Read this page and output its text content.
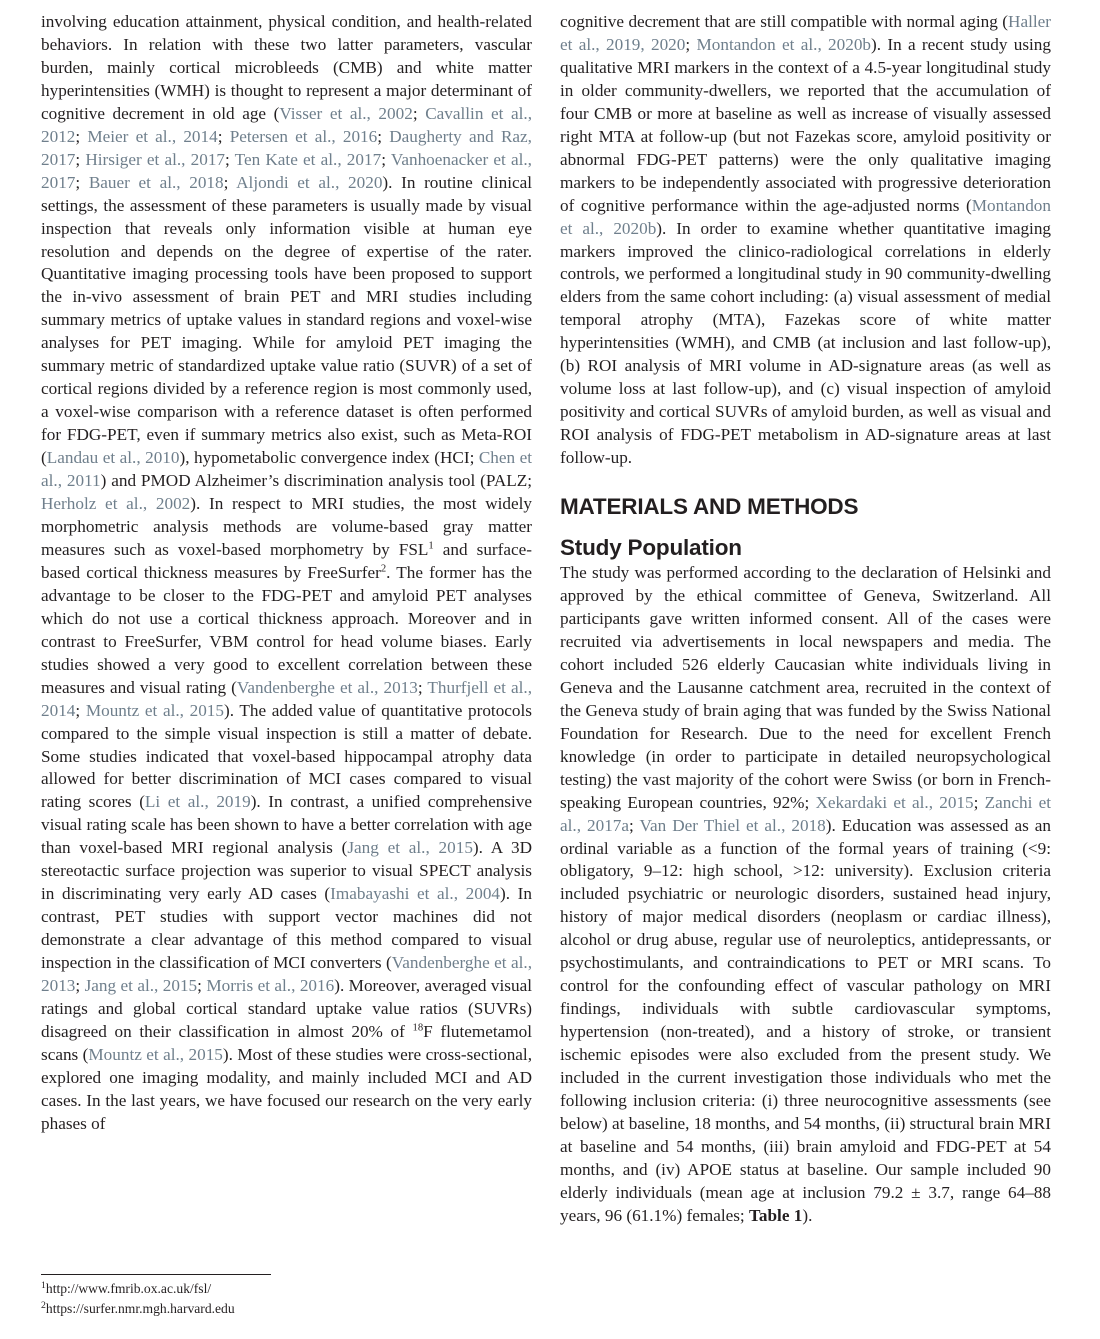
involving education attainment, physical condition, and health-related behaviors. In relation with these two latter parameters, vascular burden, mainly cortical microbleeds (CMB) and white matter hyperintensities (WMH) is thought to represent a major determinant of cognitive decrement in old age (Visser et al., 2002; Cavallin et al., 2012; Meier et al., 2014; Petersen et al., 2016; Daugherty and Raz, 2017; Hirsiger et al., 2017; Ten Kate et al., 2017; Vanhoenacker et al., 2017; Bauer et al., 2018; Aljondi et al., 2020). In routine clinical settings, the assessment of these parameters is usually made by visual inspection that reveals only information visible at human eye resolution and depends on the degree of expertise of the rater. Quantitative imaging processing tools have been proposed to support the in-vivo assessment of brain PET and MRI studies including summary metrics of uptake values in standard regions and voxel-wise analyses for PET imaging. While for amyloid PET imaging the summary metric of standardized uptake value ratio (SUVR) of a set of cortical regions divided by a reference region is most commonly used, a voxel-wise comparison with a reference dataset is often performed for FDG-PET, even if summary metrics also exist, such as Meta-ROI (Landau et al., 2010), hypometabolic convergence index (HCI; Chen et al., 2011) and PMOD Alzheimer’s discrimination analysis tool (PALZ; Herholz et al., 2002). In respect to MRI studies, the most widely morphometric analysis methods are volume-based gray matter measures such as voxel-based morphometry by FSL$^1$ and surface-based cortical thickness measures by FreeSurfer$^2$. The former has the advantage to be closer to the FDG-PET and amyloid PET analyses which do not use a cortical thickness approach. Moreover and in contrast to FreeSurfer, VBM control for head volume biases. Early studies showed a very good to excellent correlation between these measures and visual rating (Vandenberghe et al., 2013; Thurfjell et al., 2014; Mountz et al., 2015). The added value of quantitative protocols compared to the simple visual inspection is still a matter of debate. Some studies indicated that voxel-based hippocampal atrophy data allowed for better discrimination of MCI cases compared to visual rating scores (Li et al., 2019). In contrast, a unified comprehensive visual rating scale has been shown to have a better correlation with age than voxel-based MRI regional analysis (Jang et al., 2015). A 3D stereotactic surface projection was superior to visual SPECT analysis in discriminating very early AD cases (Imabayashi et al., 2004). In contrast, PET studies with support vector machines did not demonstrate a clear advantage of this method compared to visual inspection in the classification of MCI converters (Vandenberghe et al., 2013; Jang et al., 2015; Morris et al., 2016). Moreover, averaged visual ratings and global cortical standard uptake value ratios (SUVRs) disagreed on their classification in almost 20% of $^{18}$F flutemetamol scans (Mountz et al., 2015). Most of these studies were cross-sectional, explored one imaging modality, and mainly included MCI and AD cases. In the last years, we have focused our research on the very early phases of

cognitive decrement that are still compatible with normal aging (Haller et al., 2019, 2020; Montandon et al., 2020b). In a recent study using qualitative MRI markers in the context of a 4.5-year longitudinal study in older community-dwellers, we reported that the accumulation of four CMB or more at baseline as well as increase of visually assessed right MTA at follow-up (but not Fazekas score, amyloid positivity or abnormal FDG-PET patterns) were the only qualitative imaging markers to be independently associated with progressive deterioration of cognitive performance within the age-adjusted norms (Montandon et al., 2020b). In order to examine whether quantitative imaging markers improved the clinico-radiological correlations in elderly controls, we performed a longitudinal study in 90 community-dwelling elders from the same cohort including: (a) visual assessment of medial temporal atrophy (MTA), Fazekas score of white matter hyperintensities (WMH), and CMB (at inclusion and last follow-up), (b) ROI analysis of MRI volume in AD-signature areas (as well as volume loss at last follow-up), and (c) visual inspection of amyloid positivity and cortical SUVRs of amyloid burden, as well as visual and ROI analysis of FDG-PET metabolism in AD-signature areas at last follow-up.

MATERIALS AND METHODS
Study Population

The study was performed according to the declaration of Helsinki and approved by the ethical committee of Geneva, Switzerland. All participants gave written informed consent. All of the cases were recruited via advertisements in local newspapers and media. The cohort included 526 elderly Caucasian white individuals living in Geneva and the Lausanne catchment area, recruited in the context of the Geneva study of brain aging that was funded by the Swiss National Foundation for Research. Due to the need for excellent French knowledge (in order to participate in detailed neuropsychological testing) the vast majority of the cohort were Swiss (or born in French-speaking European countries, 92%; Xekardaki et al., 2015; Zanchi et al., 2017a; Van Der Thiel et al., 2018). Education was assessed as an ordinal variable as a function of the formal years of training (<9: obligatory, 9–12: high school, >12: university). Exclusion criteria included psychiatric or neurologic disorders, sustained head injury, history of major medical disorders (neoplasm or cardiac illness), alcohol or drug abuse, regular use of neuroleptics, antidepressants, or psychostimulants, and contraindications to PET or MRI scans. To control for the confounding effect of vascular pathology on MRI findings, individuals with subtle cardiovascular symptoms, hypertension (non-treated), and a history of stroke, or transient ischemic episodes were also excluded from the present study. We included in the current investigation those individuals who met the following inclusion criteria: (i) three neurocognitive assessments (see below) at baseline, 18 months, and 54 months, (ii) structural brain MRI at baseline and 54 months, (iii) brain amyloid and FDG-PET at 54 months, and (iv) APOE status at baseline. Our sample included 90 elderly individuals (mean age at inclusion 79.2 ± 3.7, range 64–88 years, 96 (61.1%) females; Table 1).

$^1$http://www.fmrib.ox.ac.uk/fsl/
$^2$https://surfer.nmr.mgh.harvard.edu
